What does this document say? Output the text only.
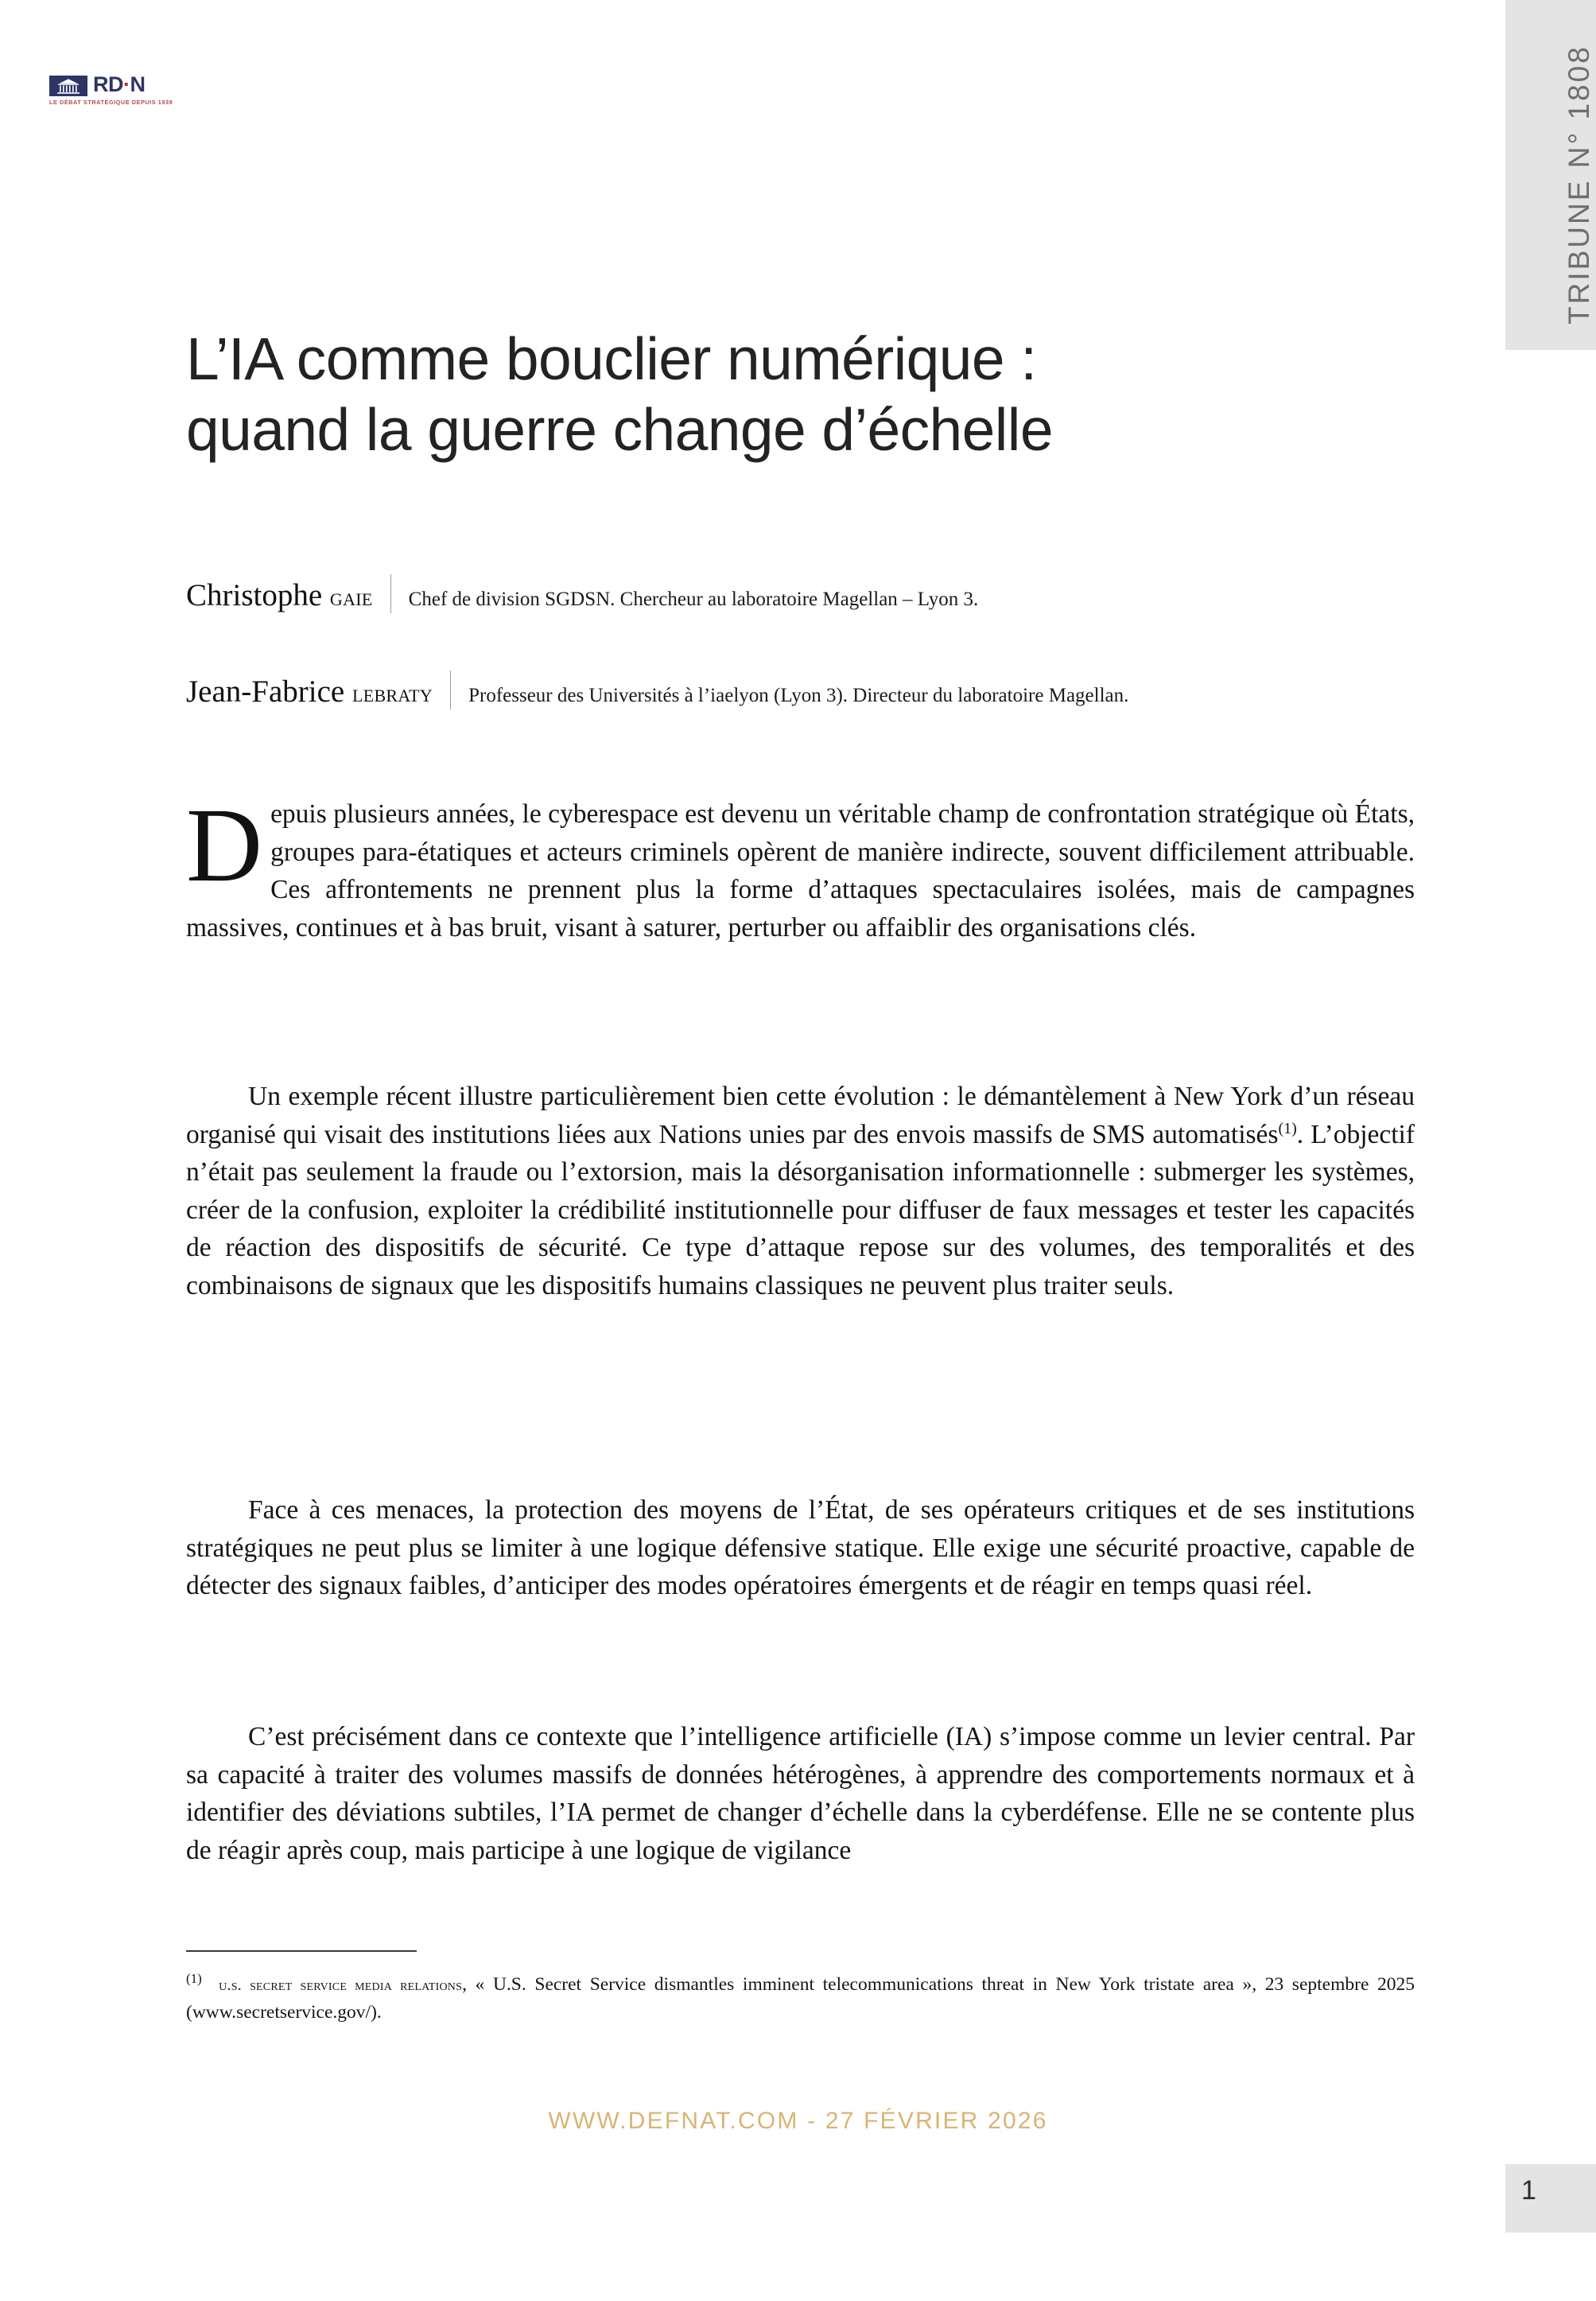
TRIBUNE N° 1808
RD·N
LE DÉBAT STRATÉGIQUE DEPUIS 1939
L’IA comme bouclier numérique :
quand la guerre change d’échelle
Christophe gaie Chef de division SGDSN. Chercheur au laboratoire Magellan – Lyon 3.
Jean-Fabrice lebraty Professeur des Universités à l’iaelyon (Lyon 3). Directeur du laboratoire Magellan.
Depuis plusieurs années, le cyberespace est devenu un véritable champ de confrontation stratégique où États, groupes para-étatiques et acteurs criminels opèrent de manière indirecte, souvent difficilement attribuable. Ces affrontements ne prennent plus la forme d’attaques spectaculaires isolées, mais de campagnes massives, continues et à bas bruit, visant à saturer, perturber ou affaiblir des organisations clés.
Un exemple récent illustre particulièrement bien cette évolution : le démantèlement à New York d’un réseau organisé qui visait des institutions liées aux Nations unies par des envois massifs de SMS automatisés$^{(1)}$. L’objectif n’était pas seulement la fraude ou l’extorsion, mais la désorganisation informationnelle : submerger les systèmes, créer de la confusion, exploiter la crédibilité institutionnelle pour diffuser de faux messages et tester les capacités de réaction des dispositifs de sécurité. Ce type d’attaque repose sur des volumes, des temporalités et des combinaisons de signaux que les dispositifs humains classiques ne peuvent plus traiter seuls.
Face à ces menaces, la protection des moyens de l’État, de ses opérateurs critiques et de ses institutions stratégiques ne peut plus se limiter à une logique défensive statique. Elle exige une sécurité proactive, capable de détecter des signaux faibles, d’anticiper des modes opératoires émergents et de réagir en temps quasi réel.
C’est précisément dans ce contexte que l’intelligence artificielle (IA) s’impose comme un levier central. Par sa capacité à traiter des volumes massifs de données hétérogènes, à apprendre des comportements normaux et à identifier des déviations subtiles, l’IA permet de changer d’échelle dans la cyberdéfense. Elle ne se contente plus de réagir après coup, mais participe à une logique de vigilance
$^{(1)}$ u.s. secret service media relations, « U.S. Secret Service dismantles imminent telecommunications threat in New York tristate area », 23 septembre 2025 (www.secretservice.gov/).
WWW.DEFNAT.COM - 27 FÉVRIER 2026
1
